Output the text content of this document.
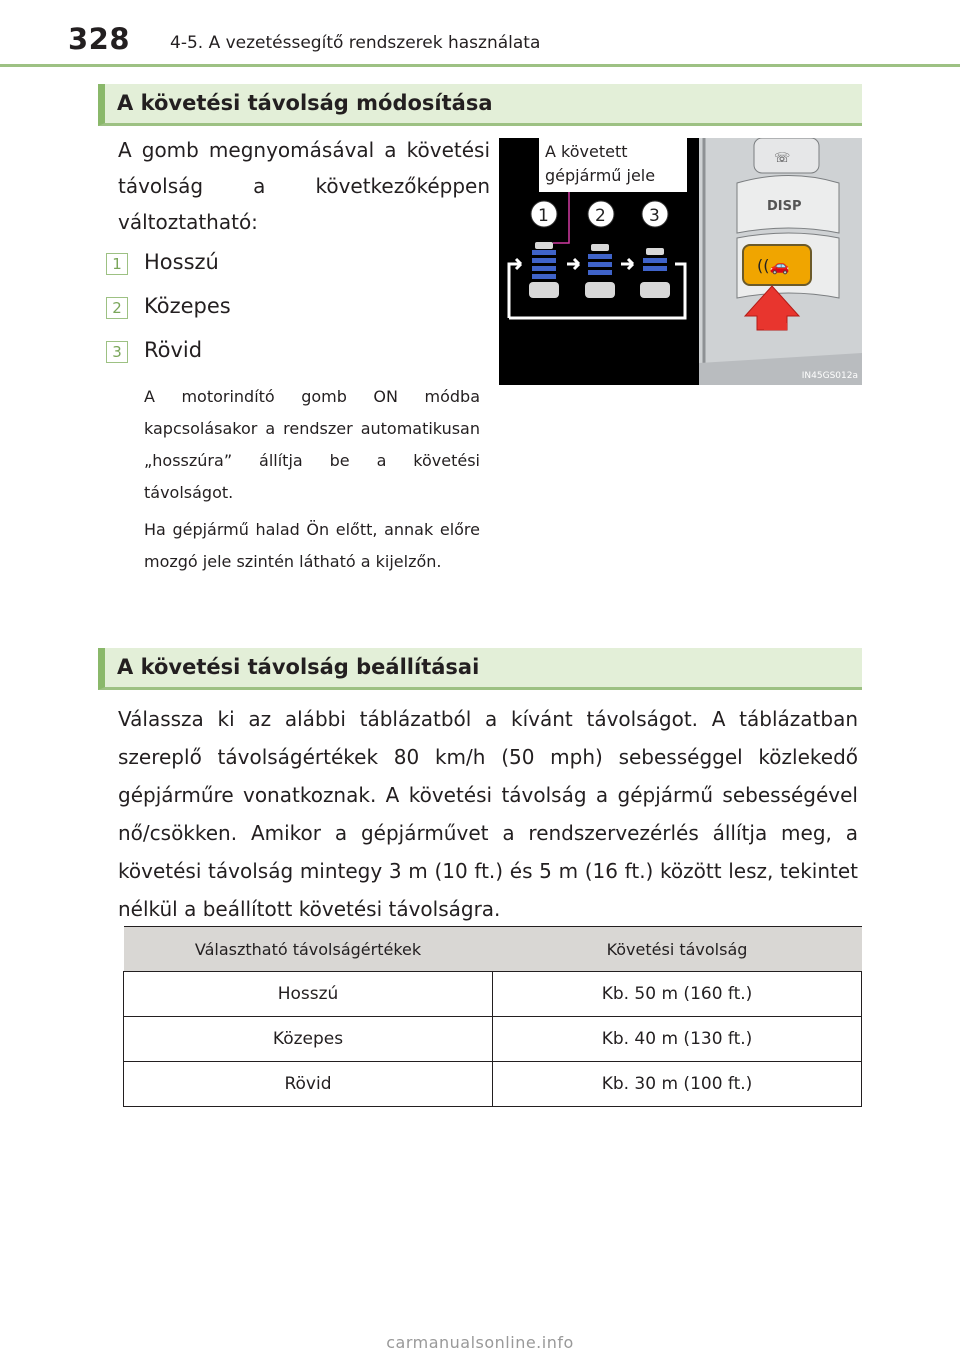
328 4-5. A vezetéssegítő rendszerek használata
A követési távolság módosítása
A gomb megnyomásával a követési távolság a következőképpen változtatható:
1 Hosszú
2 Közepes
3 Rövid
A motorindító gomb ON módba kapcsolásakor a rendszer automatikusan „hosszúra” állítja be a követési távolságot.
Ha gépjármű halad Ön előtt, annak előre mozgó jele szintén látható a kijelzőn.
☏
DISP
((🚗
1	2	3
A követett gépjármű jele
IN45GS012a
A követési távolság beállításai
Válassza ki az alábbi táblázatból a kívánt távolságot. A táblázatban szereplő távolságértékek 80 km/h (50 mph) sebességgel közlekedő gépjárműre vonatkoznak. A követési távolság a gépjármű sebességével nő/csökken. Amikor a gépjárművet a rendszervezérlés állítja meg, a követési távolság mintegy 3 m (10 ft.) és 5 m (16 ft.) között lesz, tekintet nélkül a beállított követési távolságra.
Választható távolságértékek	Követési távolság
Hosszú	Kb. 50 m (160 ft.)
Közepes	Kb. 40 m (130 ft.)
Rövid	Kb. 30 m (100 ft.)
carmanualsonline.info
